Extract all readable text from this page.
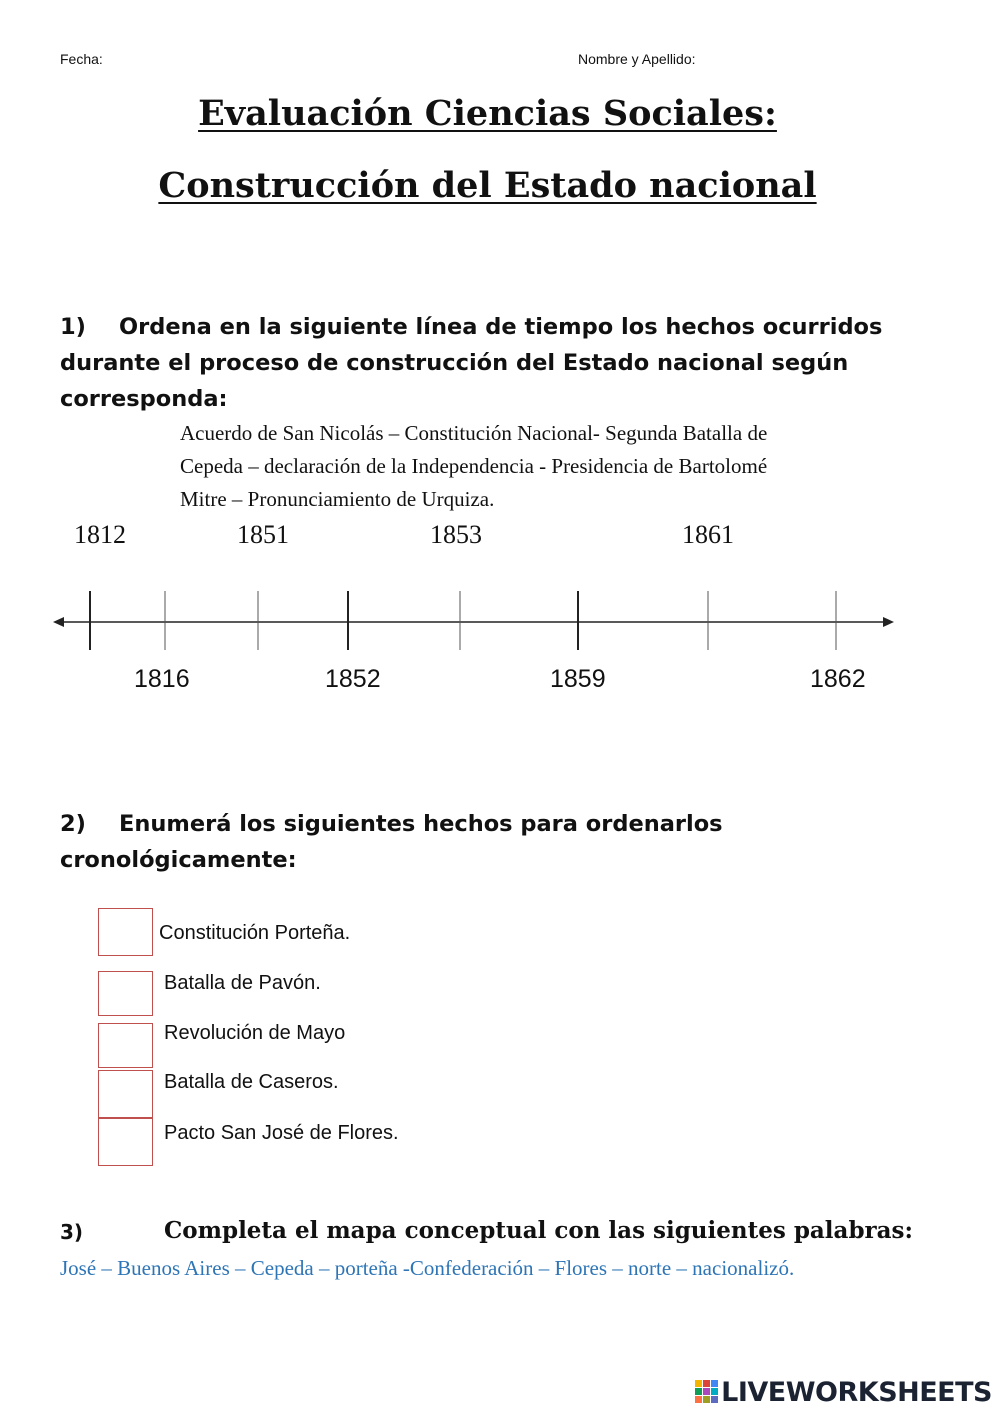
Fecha:	Nombre y Apellido:
Evaluación Ciencias Sociales:
Construcción del Estado nacional
1) Ordena en la siguiente línea de tiempo los hechos ocurridos
durante el proceso de construcción del Estado nacional según
corresponda:
Acuerdo de San Nicolás – Constitución Nacional- Segunda Batalla de
Cepeda – declaración de la Independencia - Presidencia de Bartolomé
Mitre – Pronunciamiento de Urquiza.
1812	1851	1853	1861
1816	1852	1859	1862
2) Enumerá los siguientes hechos para ordenarlos
cronológicamente:
Constitución Porteña.
Batalla de Pavón.
Revolución de Mayo
Batalla de Caseros.
Pacto San José de Flores.
3)	Completa el mapa conceptual con las siguientes palabras:
José – Buenos Aires – Cepeda – porteña -Confederación – Flores – norte – nacionalizó.
LIVEWORKSHEETS
